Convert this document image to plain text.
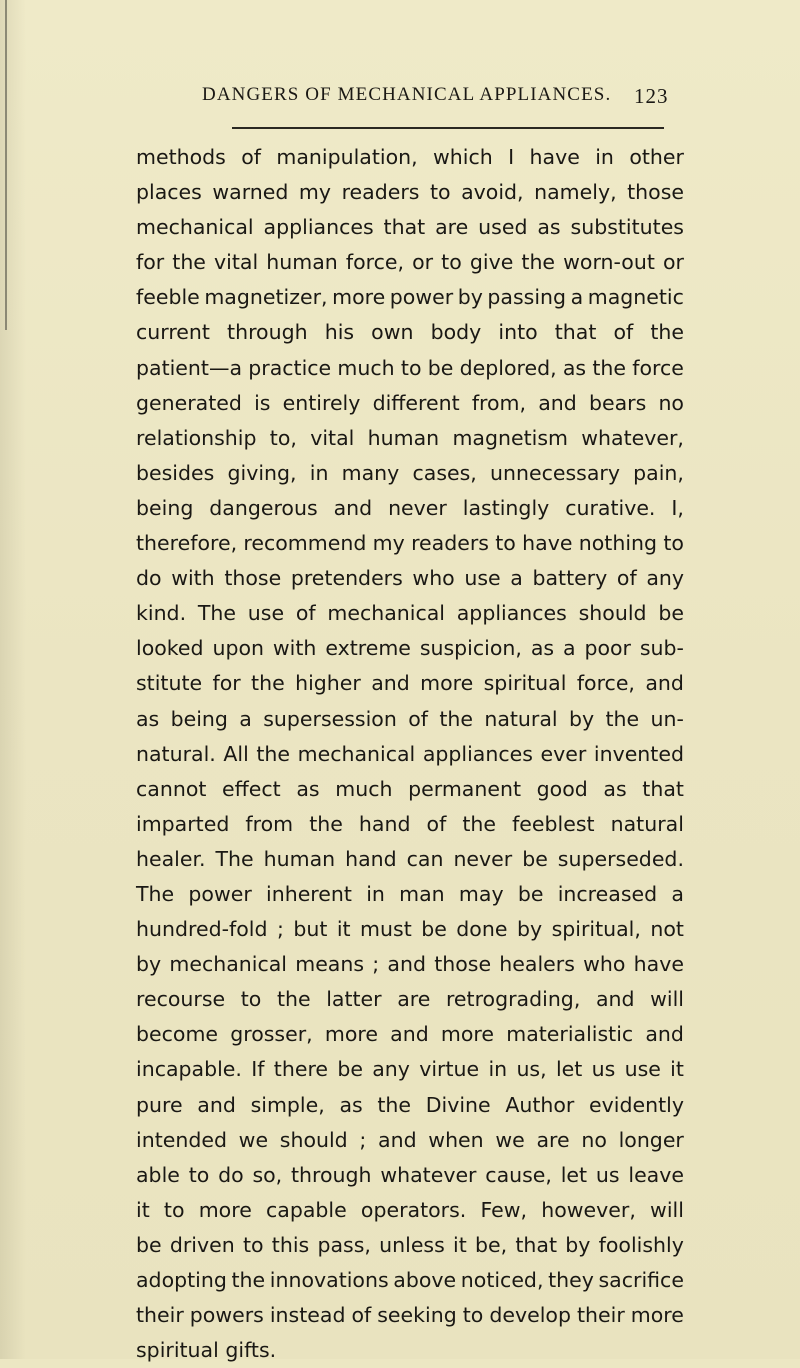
DANGERS OF MECHANICAL APPLIANCES. 123
methods of manipulation, which I have in other
places warned my readers to avoid, namely, those
mechanical appliances that are used as substitutes
for the vital human force, or to give the worn-out or
feeble magnetizer, more power by passing a magnetic
current through his own body into that of the
patient—a practice much to be deplored, as the force
generated is entirely different from, and bears no
relationship to, vital human magnetism whatever,
besides giving, in many cases, unnecessary pain,
being dangerous and never lastingly curative. I,
therefore, recommend my readers to have nothing to
do with those pretenders who use a battery of any
kind. The use of mechanical appliances should be
looked upon with extreme suspicion, as a poor sub-
stitute for the higher and more spiritual force, and
as being a supersession of the natural by the un-
natural. All the mechanical appliances ever invented
cannot effect as much permanent good as that
imparted from the hand of the feeblest natural
healer. The human hand can never be superseded.
The power inherent in man may be increased a
hundred-fold ; but it must be done by spiritual, not
by mechanical means ; and those healers who have
recourse to the latter are retrograding, and will
become grosser, more and more materialistic and
incapable. If there be any virtue in us, let us use it
pure and simple, as the Divine Author evidently
intended we should ; and when we are no longer
able to do so, through whatever cause, let us leave
it to more capable operators. Few, however, will
be driven to this pass, unless it be, that by foolishly
adopting the innovations above noticed, they sacrifice
their powers instead of seeking to develop their more
spiritual gifts.
